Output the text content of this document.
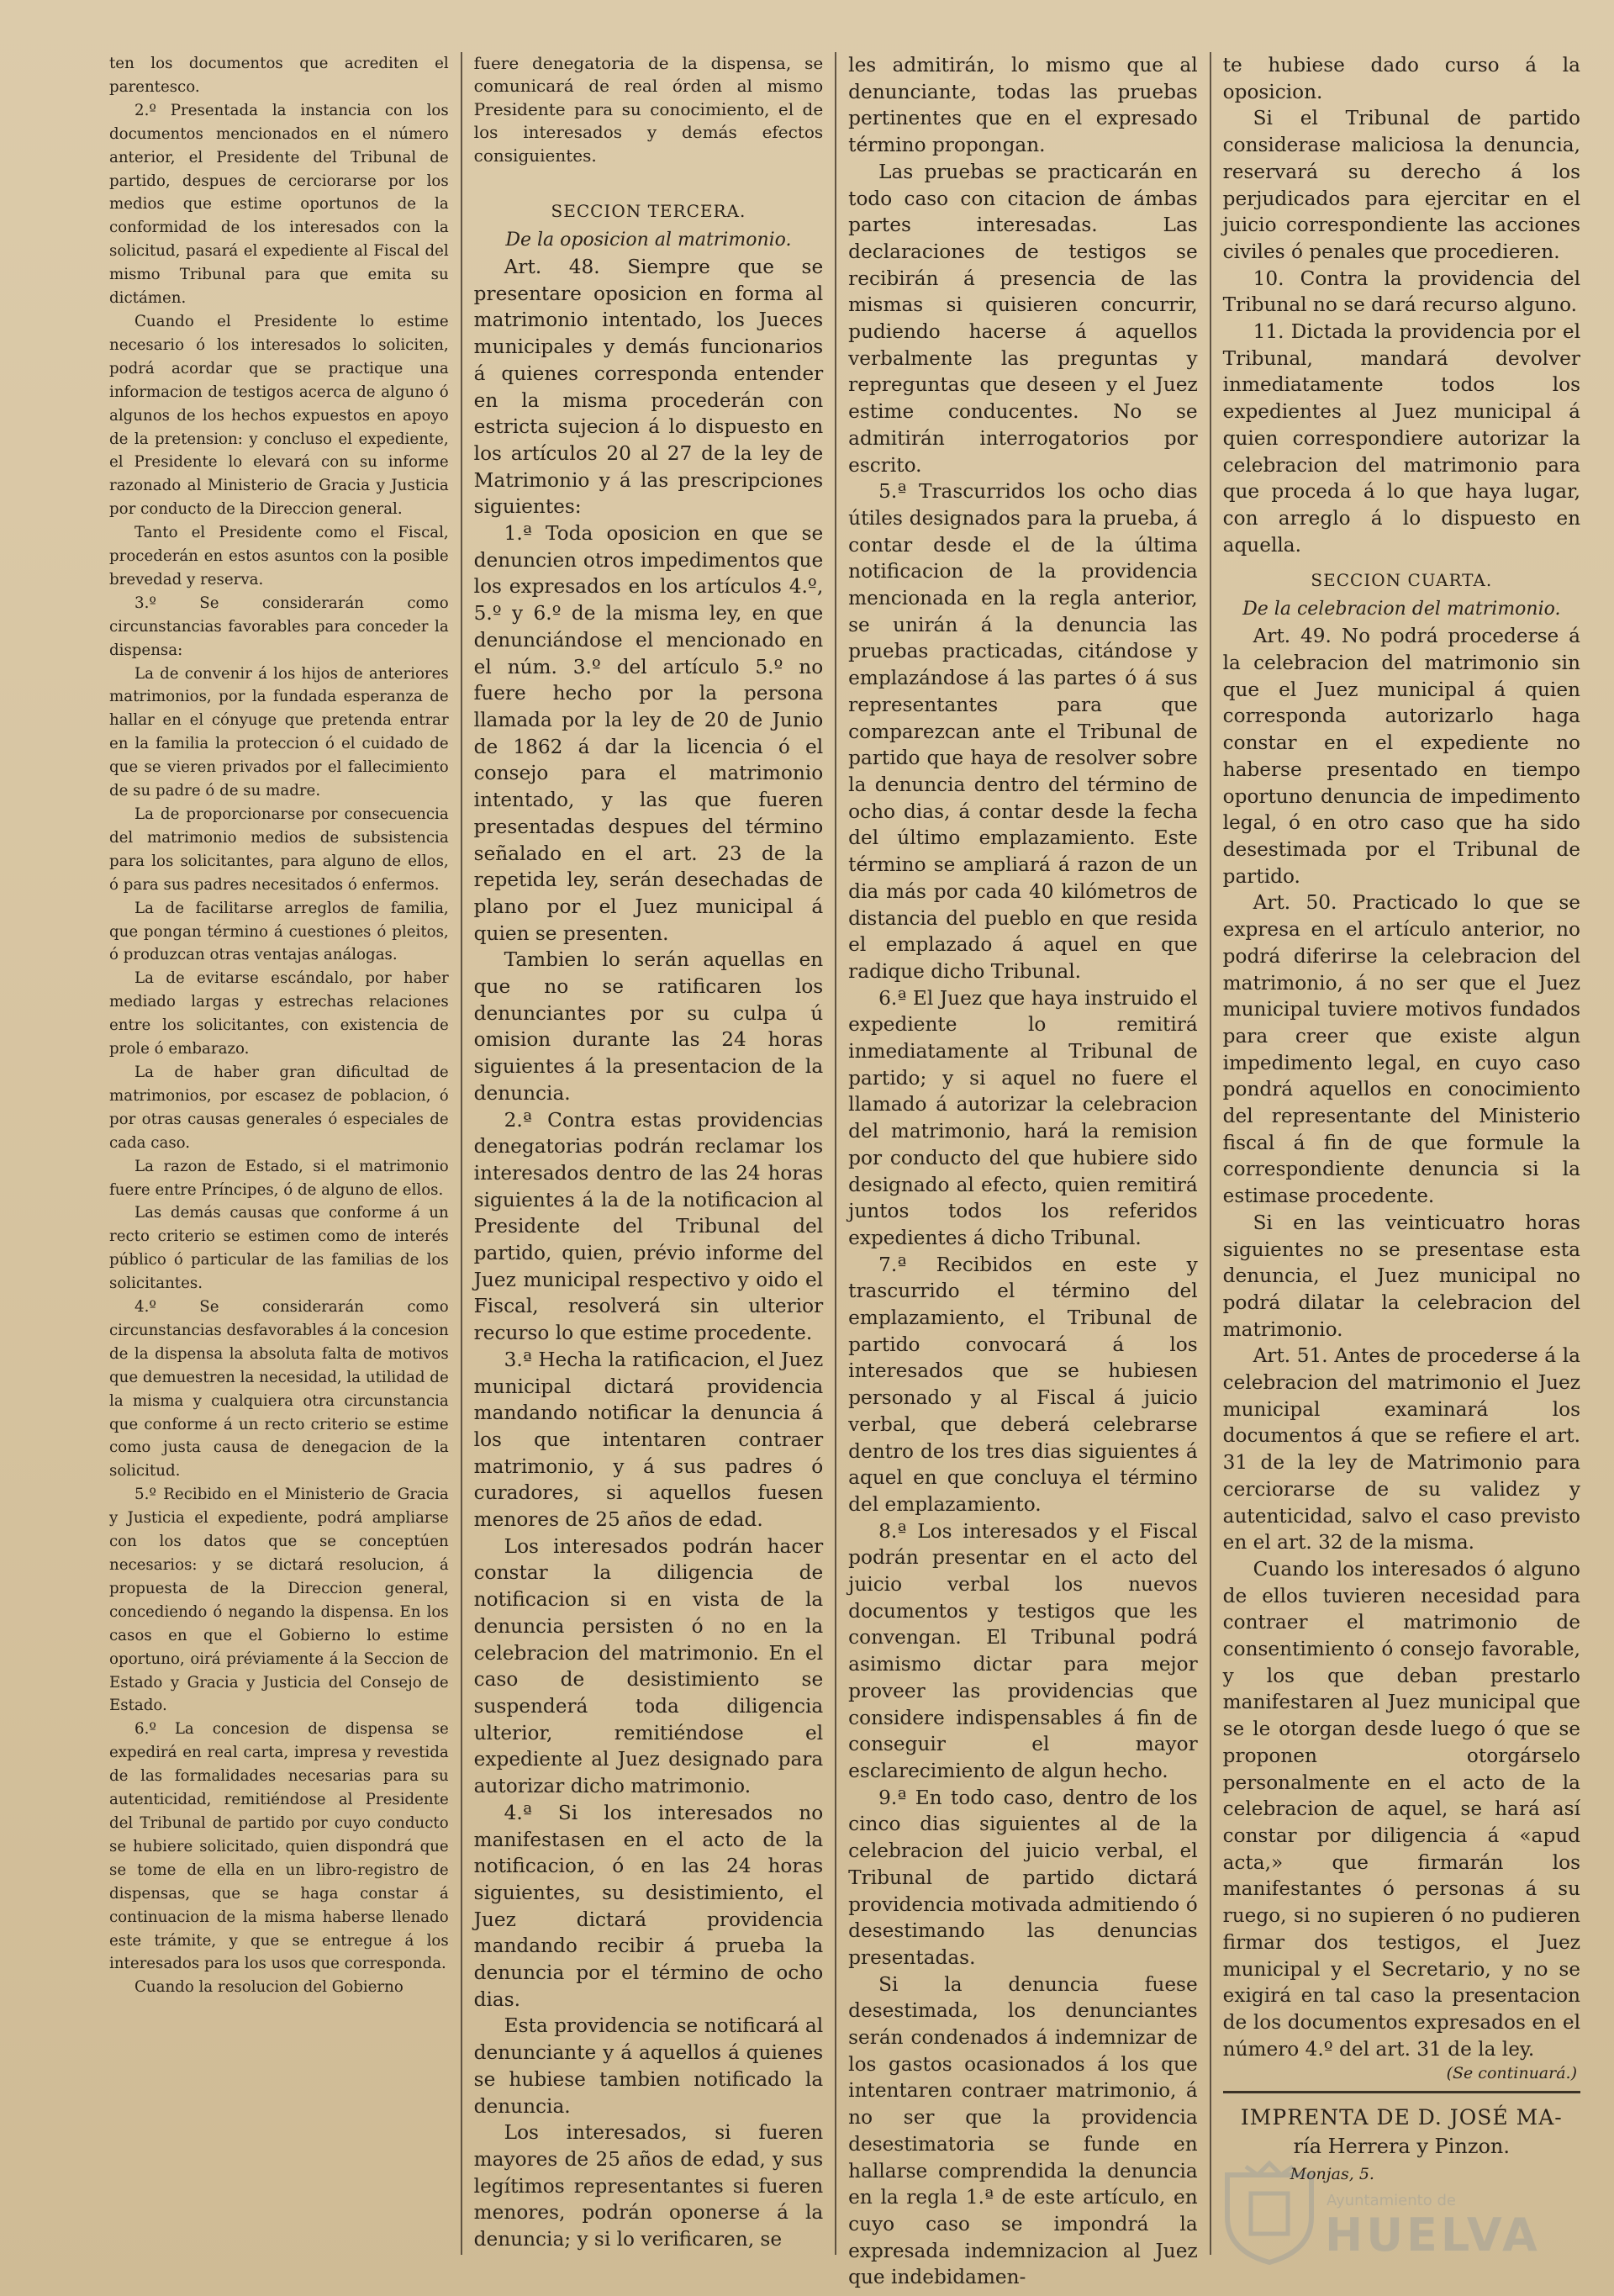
ten los documentos que acrediten el parentesco.

2.º Presentada la instancia con los documentos mencionados en el número anterior, el Presidente del Tribunal de partido, despues de cerciorarse por los medios que estime oportunos de la conformidad de los interesados con la solicitud, pasará el expediente al Fiscal del mismo Tribunal para que emita su dictámen.

Cuando el Presidente lo estime necesario ó los interesados lo soliciten, podrá acordar que se practique una informacion de testigos acerca de alguno ó algunos de los hechos expuestos en apoyo de la pretension: y concluso el expediente, el Presidente lo elevará con su informe razonado al Ministerio de Gracia y Justicia por conducto de la Direccion general.

Tanto el Presidente como el Fiscal, procederán en estos asuntos con la posible brevedad y reserva.

3.º Se considerarán como circunstancias favorables para conceder la dispensa:

La de convenir á los hijos de anteriores matrimonios, por la fundada esperanza de hallar en el cónyuge que pretenda entrar en la familia la proteccion ó el cuidado de que se vieren privados por el fallecimiento de su padre ó de su madre.

La de proporcionarse por consecuencia del matrimonio medios de subsistencia para los solicitantes, para alguno de ellos, ó para sus padres necesitados ó enfermos.

La de facilitarse arreglos de familia, que pongan término á cuestiones ó pleitos, ó produzcan otras ventajas análogas.

La de evitarse escándalo, por haber mediado largas y estrechas relaciones entre los solicitantes, con existencia de prole ó embarazo.

La de haber gran dificultad de matrimonios, por escasez de poblacion, ó por otras causas generales ó especiales de cada caso.

La razon de Estado, si el matrimonio fuere entre Príncipes, ó de alguno de ellos.

Las demás causas que conforme á un recto criterio se estimen como de interés público ó particular de las familias de los solicitantes.

4.º Se considerarán como circunstancias desfavorables á la concesion de la dispensa la absoluta falta de motivos que demuestren la necesidad, la utilidad de la misma y cualquiera otra circunstancia que conforme á un recto criterio se estime como justa causa de denegacion de la solicitud.

5.º Recibido en el Ministerio de Gracia y Justicia el expediente, podrá ampliarse con los datos que se conceptúen necesarios: y se dictará resolucion, á propuesta de la Direccion general, concediendo ó negando la dispensa. En los casos en que el Gobierno lo estime oportuno, oirá préviamente á la Seccion de Estado y Gracia y Justicia del Consejo de Estado.

6.º La concesion de dispensa se expedirá en real carta, impresa y revestida de las formalidades necesarias para su autenticidad, remitiéndose al Presidente del Tribunal de partido por cuyo conducto se hubiere solicitado, quien dispondrá que se tome de ella en un libro-registro de dispensas, que se haga constar á continuacion de la misma haberse llenado este trámite, y que se entregue á los interesados para los usos que corresponda.

Cuando la resolucion del Gobierno

fuere denegatoria de la dispensa, se comunicará de real órden al mismo Presidente para su conocimiento, el de los interesados y demás efectos consiguientes.

SECCION TERCERA.
De la oposicion al matrimonio.

Art. 48. Siempre que se presentare oposicion en forma al matrimonio intentado, los Jueces municipales y demás funcionarios á quienes corresponda entender en la misma procederán con estricta sujecion á lo dispuesto en los artículos 20 al 27 de la ley de Matrimonio y á las prescripciones siguientes:

1.ª Toda oposicion en que se denuncien otros impedimentos que los expresados en los artículos 4.º, 5.º y 6.º de la misma ley, en que denunciándose el mencionado en el núm. 3.º del artículo 5.º no fuere hecho por la persona llamada por la ley de 20 de Junio de 1862 á dar la licencia ó el consejo para el matrimonio intentado, y las que fueren presentadas despues del término señalado en el art. 23 de la repetida ley, serán desechadas de plano por el Juez municipal á quien se presenten.

Tambien lo serán aquellas en que no se ratificaren los denunciantes por su culpa ú omision durante las 24 horas siguientes á la presentacion de la denuncia.

2.ª Contra estas providencias denegatorias podrán reclamar los interesados dentro de las 24 horas siguientes á la de la notificacion al Presidente del Tribunal del partido, quien, prévio informe del Juez municipal respectivo y oido el Fiscal, resolverá sin ulterior recurso lo que estime procedente.

3.ª Hecha la ratificacion, el Juez municipal dictará providencia mandando notificar la denuncia á los que intentaren contraer matrimonio, y á sus padres ó curadores, si aquellos fuesen menores de 25 años de edad.

Los interesados podrán hacer constar la diligencia de notificacion si en vista de la denuncia persisten ó no en la celebracion del matrimonio. En el caso de desistimiento se suspenderá toda diligencia ulterior, remitiéndose el expediente al Juez designado para autorizar dicho matrimonio.

4.ª Si los interesados no manifestasen en el acto de la notificacion, ó en las 24 horas siguientes, su desistimiento, el Juez dictará providencia mandando recibir á prueba la denuncia por el término de ocho dias.

Esta providencia se notificará al denunciante y á aquellos á quienes se hubiese tambien notificado la denuncia.

Los interesados, si fueren mayores de 25 años de edad, y sus legítimos representantes si fueren menores, podrán oponerse á la denuncia; y si lo verificaren, se

les admitirán, lo mismo que al denunciante, todas las pruebas pertinentes que en el expresado término propongan.

Las pruebas se practicarán en todo caso con citacion de ámbas partes interesadas. Las declaraciones de testigos se recibirán á presencia de las mismas si quisieren concurrir, pudiendo hacerse á aquellos verbalmente las preguntas y repreguntas que deseen y el Juez estime conducentes. No se admitirán interrogatorios por escrito.

5.ª Trascurridos los ocho dias útiles designados para la prueba, á contar desde el de la última notificacion de la providencia mencionada en la regla anterior, se unirán á la denuncia las pruebas practicadas, citándose y emplazándose á las partes ó á sus representantes para que comparezcan ante el Tribunal de partido que haya de resolver sobre la denuncia dentro del término de ocho dias, á contar desde la fecha del último emplazamiento. Este término se ampliará á razon de un dia más por cada 40 kilómetros de distancia del pueblo en que resida el emplazado á aquel en que radique dicho Tribunal.

6.ª El Juez que haya instruido el expediente lo remitirá inmediatamente al Tribunal de partido; y si aquel no fuere el llamado á autorizar la celebracion del matrimonio, hará la remision por conducto del que hubiere sido designado al efecto, quien remitirá juntos todos los referidos expedientes á dicho Tribunal.

7.ª Recibidos en este y trascurrido el término del emplazamiento, el Tribunal de partido convocará á los interesados que se hubiesen personado y al Fiscal á juicio verbal, que deberá celebrarse dentro de los tres dias siguientes á aquel en que concluya el término del emplazamiento.

8.ª Los interesados y el Fiscal podrán presentar en el acto del juicio verbal los nuevos documentos y testigos que les convengan. El Tribunal podrá asimismo dictar para mejor proveer las providencias que considere indispensables á fin de conseguir el mayor esclarecimiento de algun hecho.

9.ª En todo caso, dentro de los cinco dias siguientes al de la celebracion del juicio verbal, el Tribunal de partido dictará providencia motivada admitiendo ó desestimando las denuncias presentadas.

Si la denuncia fuese desestimada, los denunciantes serán condenados á indemnizar de los gastos ocasionados á los que intentaren contraer matrimonio, á no ser que la providencia desestimatoria se funde en hallarse comprendida la denuncia en la regla 1.ª de este artículo, en cuyo caso se impondrá la expresada indemnizacion al Juez que indebidamen-

te hubiese dado curso á la oposicion.

Si el Tribunal de partido considerase maliciosa la denuncia, reservará su derecho á los perjudicados para ejercitar en el juicio correspondiente las acciones civiles ó penales que procedieren.

10. Contra la providencia del Tribunal no se dará recurso alguno.

11. Dictada la providencia por el Tribunal, mandará devolver inmediatamente todos los expedientes al Juez municipal á quien correspondiere autorizar la celebracion del matrimonio para que proceda á lo que haya lugar, con arreglo á lo dispuesto en aquella.

SECCION CUARTA.
De la celebracion del matrimonio.

Art. 49. No podrá procederse á la celebracion del matrimonio sin que el Juez municipal á quien corresponda autorizarlo haga constar en el expediente no haberse presentado en tiempo oportuno denuncia de impedimento legal, ó en otro caso que ha sido desestimada por el Tribunal de partido.

Art. 50. Practicado lo que se expresa en el artículo anterior, no podrá diferirse la celebracion del matrimonio, á no ser que el Juez municipal tuviere motivos fundados para creer que existe algun impedimento legal, en cuyo caso pondrá aquellos en conocimiento del representante del Ministerio fiscal á fin de que formule la correspondiente denuncia si la estimase procedente.

Si en las veinticuatro horas siguientes no se presentase esta denuncia, el Juez municipal no podrá dilatar la celebracion del matrimonio.

Art. 51. Antes de procederse á la celebracion del matrimonio el Juez municipal examinará los documentos á que se refiere el art. 31 de la ley de Matrimonio para cerciorarse de su validez y autenticidad, salvo el caso previsto en el art. 32 de la misma.

Cuando los interesados ó alguno de ellos tuvieren necesidad para contraer el matrimonio de consentimiento ó consejo favorable, y los que deban prestarlo manifestaren al Juez municipal que se le otorgan desde luego ó que se proponen otorgárselo personalmente en el acto de la celebracion de aquel, se hará así constar por diligencia á «apud acta,» que firmarán los manifestantes ó personas á su ruego, si no supieren ó no pudieren firmar dos testigos, el Juez municipal y el Secretario, y no se exigirá en tal caso la presentacion de los documentos expresados en el número 4.º del art. 31 de la ley.

(Se continuará.)
IMPRENTA DE D. JOSÉ MA-
ría Herrera y Pinzon.
Monjas, 5.
Ayuntamiento de
HUELVA
